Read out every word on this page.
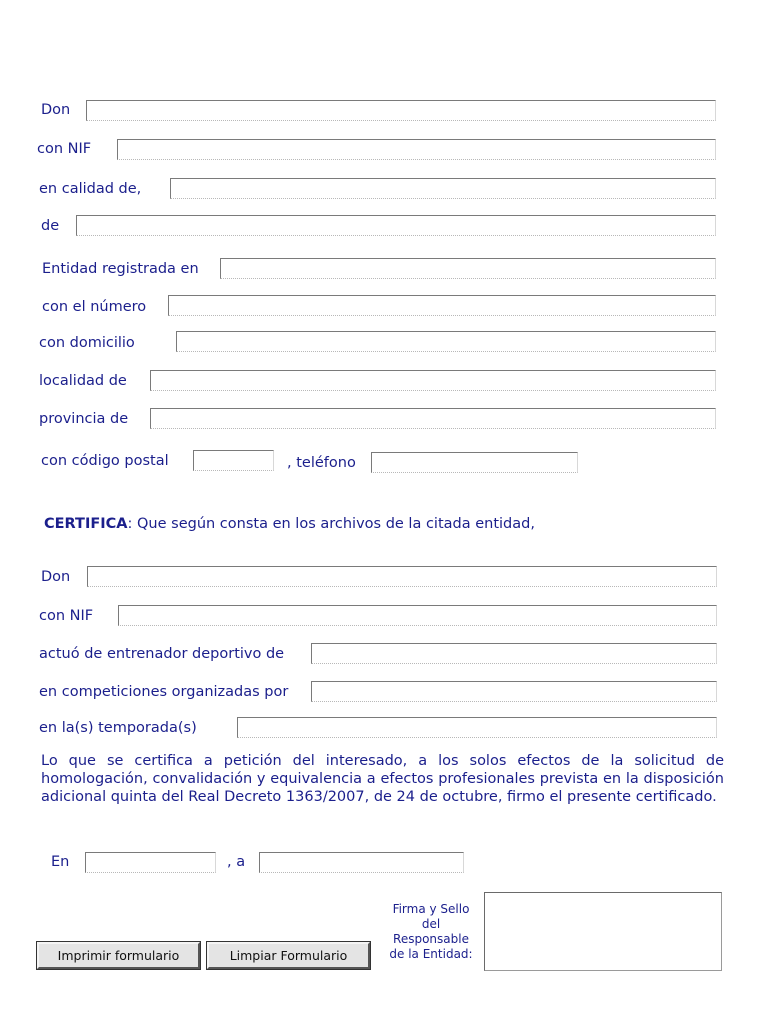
Don
con NIF
en calidad de,
de
Entidad registrada en
con el número
con domicilio
localidad de
provincia de
con código postal	, teléfono
CERTIFICA: Que según consta en los archivos de la citada entidad,
Don
con NIF
actuó de entrenador deportivo de
en competiciones organizadas por
en la(s) temporada(s)
Lo que se certifica a petición del interesado, a los solos efectos de la solicitud de homologación, convalidación y equivalencia a efectos profesionales prevista en la disposición adicional quinta del Real Decreto 1363/2007, de 24 de octubre, firmo el presente certificado.
En	, a
Imprimir formulario	Limpiar Formulario
Firma y Sello
del
Responsable
de la Entidad:
